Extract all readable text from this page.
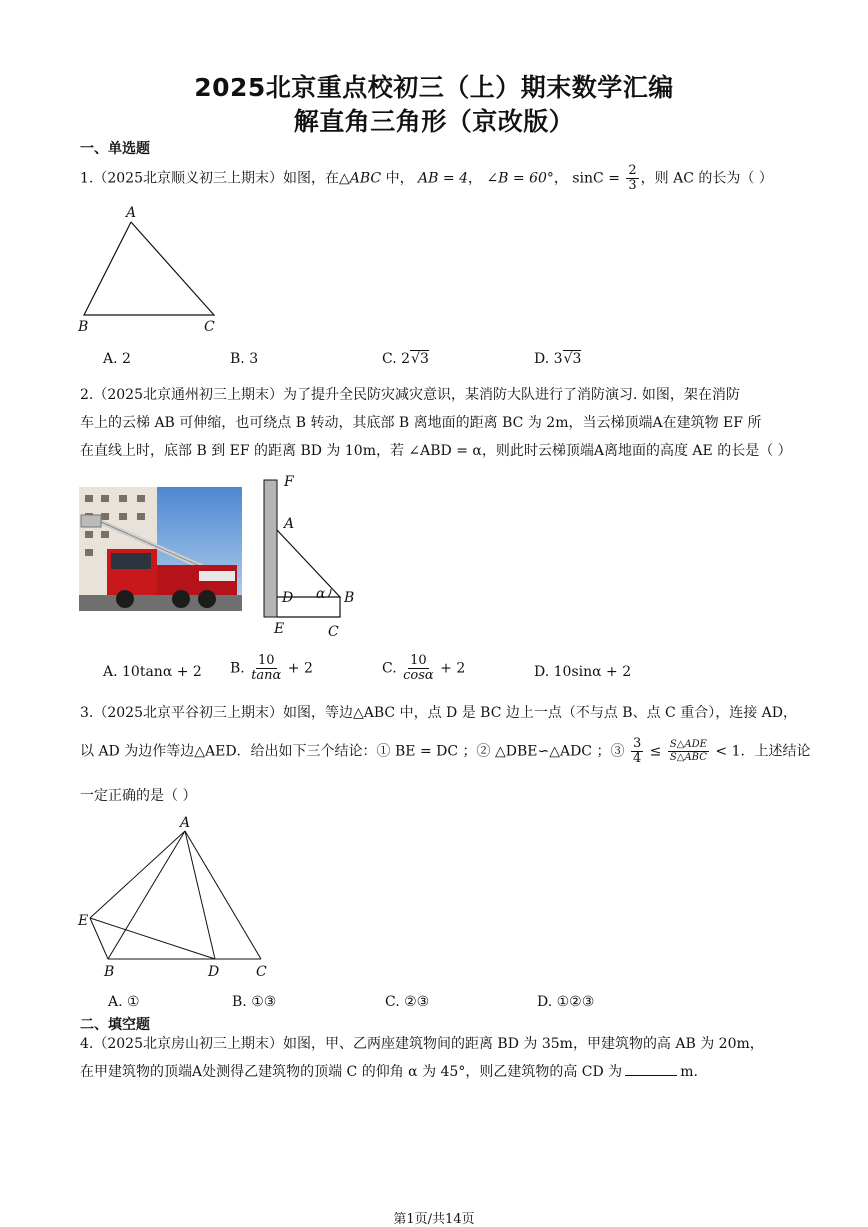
2025北京重点校初三（上）期末数学汇编
解直角三角形（京改版）
一、单选题
1.（2025北京顺义初三上期末）如图，在△ABC 中， AB = 4， ∠B = 60°， $\sin C = \frac{2}{3}$ ，则 AC 的长为（ ）
A
B	C
A. 2	B. 3	C. 2√3	D. 3√3
2.（2025北京通州初三上期末）为了提升全民防灾减灾意识，某消防大队进行了消防演习. 如图，架在消防
车上的云梯 AB 可伸缩，也可绕点 B 转动，其底部 B 离地面的距离 BC 为 2m，当云梯顶端A在建筑物 EF 所
在直线上时，底部 B 到 EF 的距离 BD 为 10m，若 ∠ABD = α，则此时云梯顶端A离地面的高度 AE 的长是（ ）
F
A
D α B
E	C
A. 10tanα + 2 B. $\frac{10}{\tan\alpha} + 2$	C. $\frac{10}{\cos\alpha} + 2$	D. 10sinα + 2
3.（2025北京平谷初三上期末）如图，等边△ABC 中，点 D 是 BC 边上一点（不与点 B、点 C 重合），连接 AD，
以 AD 为边作等边△AED．给出如下三个结论：① BE = DC ；② △DBE∽△ADC ；③ $\frac{3}{4} \le \frac{\text{S△ADE}}{\text{S△ABC}} < 1$．上述结论
一定正确的是（ ）
A
E
B	D	C
A. ①	B. ①③	C. ②③	D. ①②③
二、填空题
4.（2025北京房山初三上期末）如图，甲、乙两座建筑物间的距离 BD 为 35m，甲建筑物的高 AB 为 20m，
在甲建筑物的顶端A处测得乙建筑物的顶端 C 的仰角 α 为 45°，则乙建筑物的高 CD 为	m.
第1页/共14页
